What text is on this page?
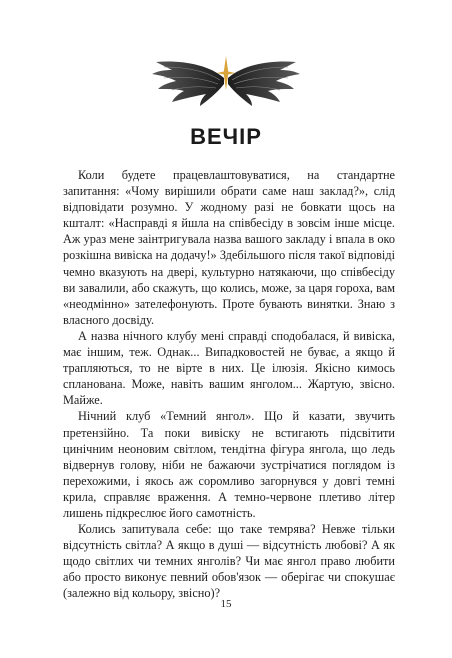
ВЕЧІР

Коли будете працевлаштовуватися, на стандартне запитання: «Чому вирішили обрати саме наш заклад?», слід відповідати розумно. У жодному разі не бовкати щось на кшталт: «Насправді я йшла на співбесіду в зовсім інше місце. Аж ураз мене заінтригувала назва вашого закладу і впала в око розкішна вивіска на додачу!» Здебільшого після такої відповіді чемно вказують на двері, культурно натякаючи, що співбесіду ви завалили, або скажуть, що колись, може, за царя гороха, вам «неодмінно» зателефонують. Проте бувають винятки. Знаю з власного досвіду.

А назва нічного клубу мені справді сподобалася, й вивіска, має іншим, теж. Однак... Випадковостей не буває, а якщо й трапляються, то не вірте в них. Це ілюзія. Якісно кимось спланована. Може, навіть вашим янголом... Жартую, звісно. Майже.

Нічний клуб «Темний янгол». Що й казати, звучить претензійно. Та поки вивіску не встигають підсвітити цинічним неоновим світлом, тендітна фігура янгола, що ледь відвернув голову, ніби не бажаючи зустрічатися поглядом із перехожими, і якось аж соромливо загорнувся у довгі темні крила, справляє враження. А темно-червоне плетиво літер лишень підкреслює його самотність.

Колись запитувала себе: що таке темрява? Невже тільки відсутність світла? А якщо в душі — відсутність любові? А як щодо світлих чи темних янголів? Чи має янгол право любити або просто виконує певний обов'язок — оберігає чи спокушає (залежно від кольору, звісно)?

15
